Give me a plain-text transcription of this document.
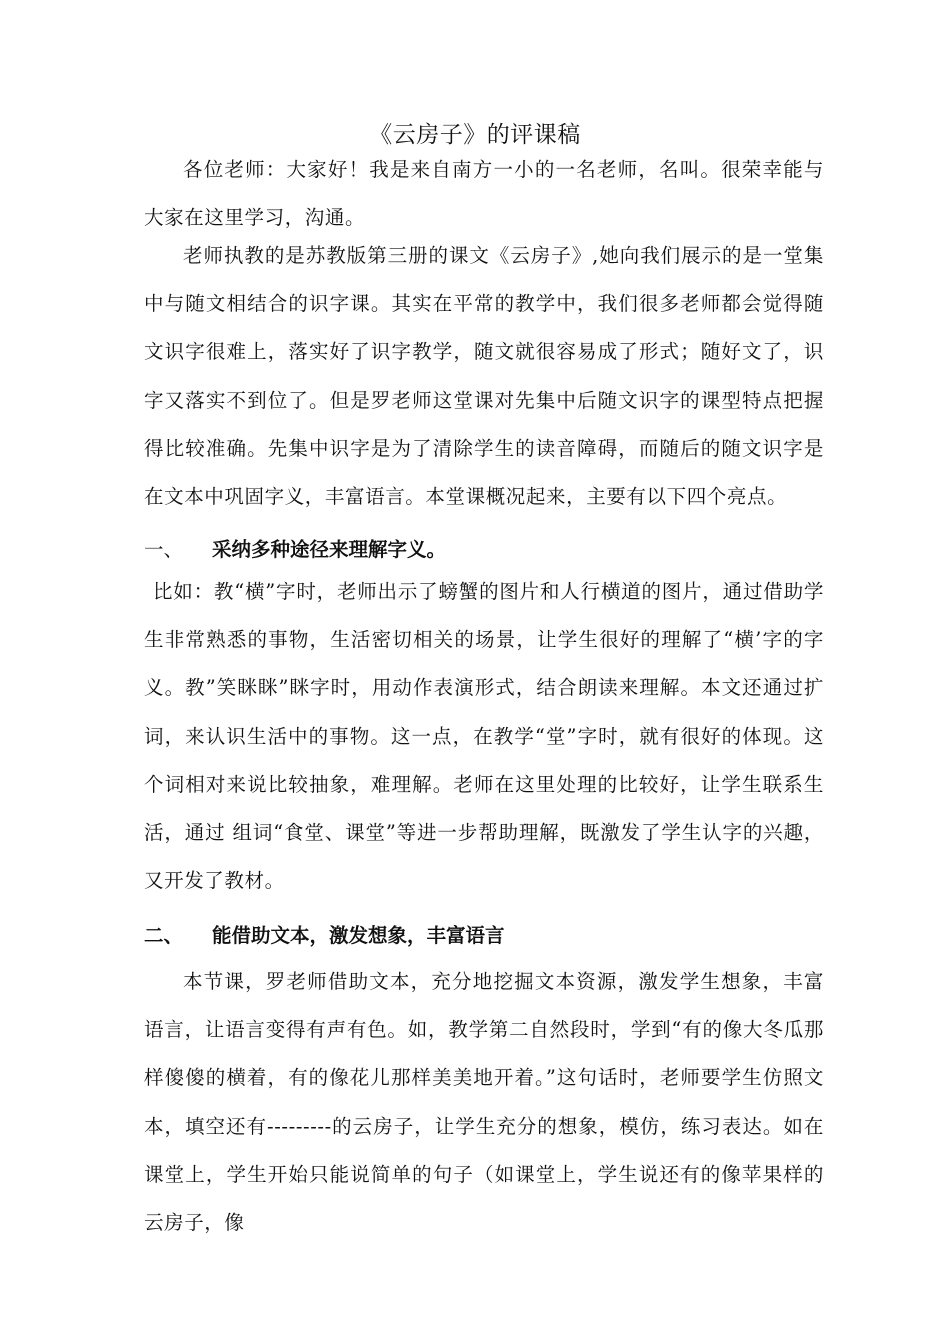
《云房子》的评课稿

各位老师：大家好！我是来自南方一小的一名老师，名叫。很荣幸能与大家在这里学习，沟通。

老师执教的是苏教版第三册的课文《云房子》,她向我们展示的是一堂集中与随文相结合的识字课。其实在平常的教学中，我们很多老师都会觉得随文识字很难上，落实好了识字教学，随文就很容易成了形式；随好文了，识字又落实不到位了。但是罗老师这堂课对先集中后随文识字的课型特点把握得比较准确。先集中识字是为了清除学生的读音障碍，而随后的随文识字是在文本中巩固字义，丰富语言。本堂课概况起来，主要有以下四个亮点。

一、 采纳多种途径来理解字义。

比如：教“横”字时，老师出示了螃蟹的图片和人行横道的图片，通过借助学生非常熟悉的事物，生活密切相关的场景，让学生很好的理解了“横’字的字义。教”笑眯眯”眯字时，用动作表演形式，结合朗读来理解。本文还通过扩词，来认识生活中的事物。这一点，在教学“堂”字时，就有很好的体现。这个词相对来说比较抽象，难理解。老师在这里处理的比较好，让学生联系生活，通过 组词“食堂、课堂”等进一步帮助理解，既激发了学生认字的兴趣，又开发了教材。

二、 能借助文本，激发想象，丰富语言

本节课，罗老师借助文本，充分地挖掘文本资源，激发学生想象，丰富语言，让语言变得有声有色。如，教学第二自然段时，学到“有的像大冬瓜那样傻傻的横着，有的像花儿那样美美地开着。”这句话时，老师要学生仿照文本，填空还有---------的云房子，让学生充分的想象，模仿，练习表达。如在课堂上，学生开始只能说简单的句子（如课堂上，学生说还有的像苹果样的云房子，像
